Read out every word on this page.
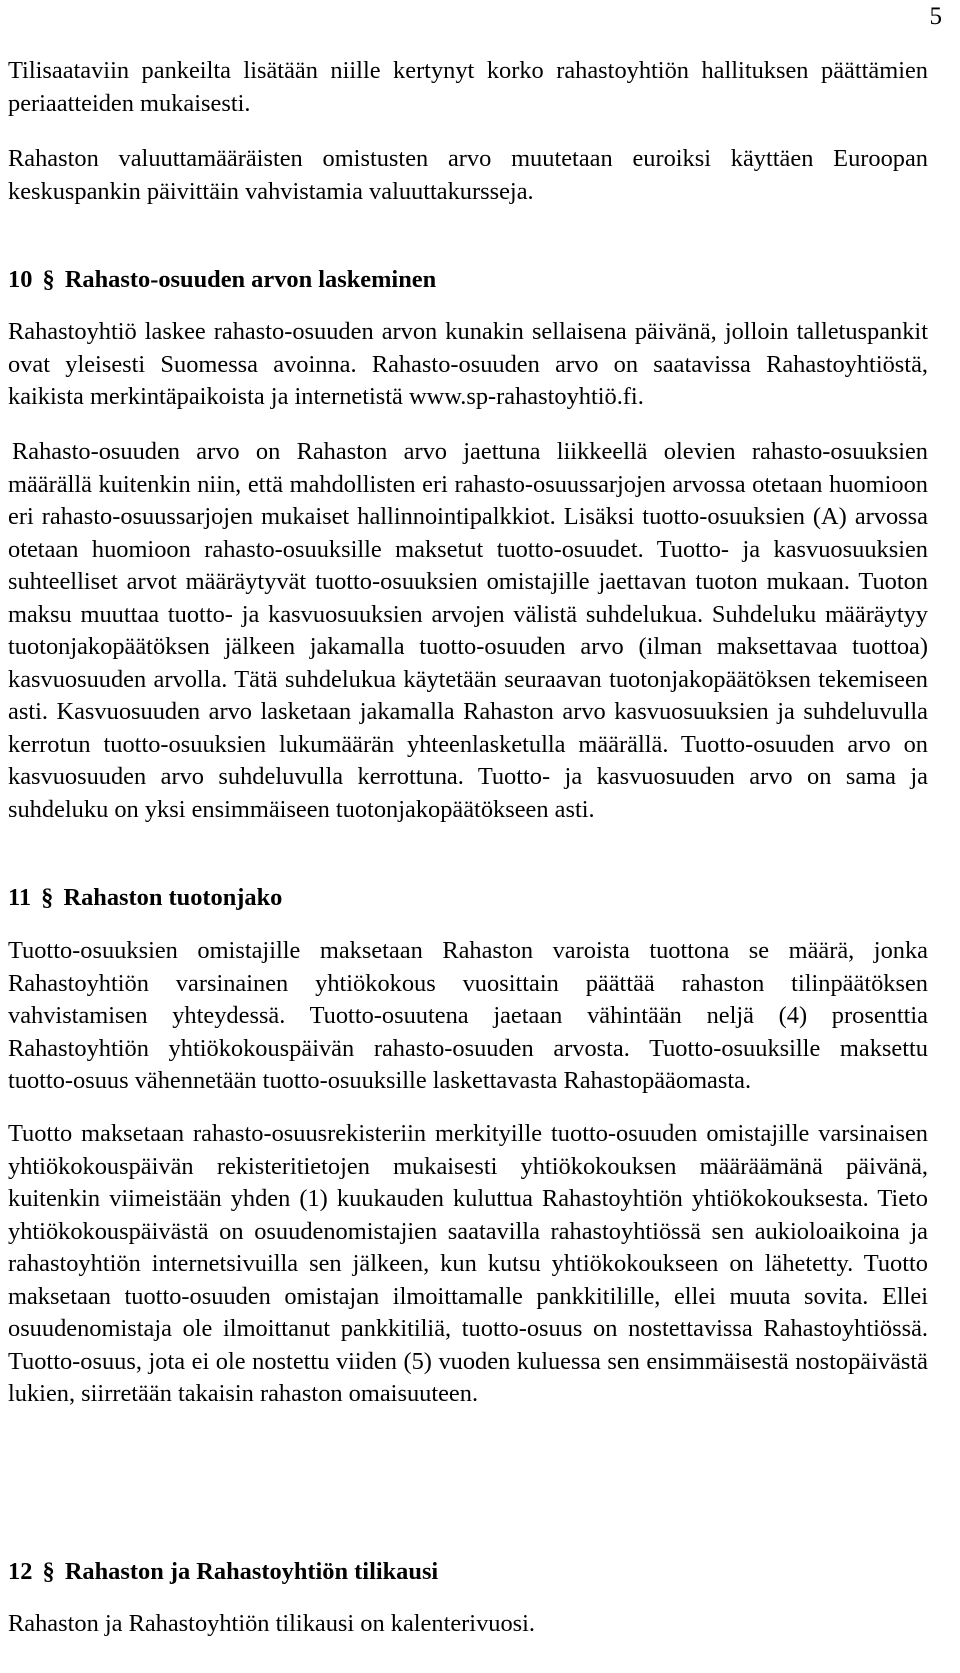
5

Tilisaataviin pankeilta lisätään niille kertynyt korko rahastoyhtiön hallituksen päättämien periaatteiden mukaisesti.

Rahaston valuuttamääräisten omistusten arvo muutetaan euroiksi käyttäen Euroopan keskuspankin päivittäin vahvistamia valuuttakursseja.

10 § Rahasto-osuuden arvon laskeminen

Rahastoyhtiö laskee rahasto-osuuden arvon kunakin sellaisena päivänä, jolloin talletuspankit ovat yleisesti Suomessa avoinna. Rahasto-osuuden arvo on saatavissa Rahastoyhtiöstä, kaikista merkintäpaikoista ja internetistä www.sp-rahastoyhtiö.fi.

Rahasto-osuuden arvo on Rahaston arvo jaettuna liikkeellä olevien rahasto-osuuksien määrällä kuitenkin niin, että mahdollisten eri rahasto-osuussarjojen arvossa otetaan huomioon eri rahasto-osuussarjojen mukaiset hallinnointipalkkiot. Lisäksi tuotto-osuuksien (A) arvossa otetaan huomioon rahasto-osuuksille maksetut tuotto-osuudet. Tuotto- ja kasvuosuuksien suhteelliset arvot määräytyvät tuotto-osuuksien omistajille jaettavan tuoton mukaan. Tuoton maksu muuttaa tuotto- ja kasvuosuuksien arvojen välistä suhdelukua. Suhdeluku määräytyy tuotonjakopäätöksen jälkeen jakamalla tuotto-osuuden arvo (ilman maksettavaa tuottoa) kasvuosuuden arvolla. Tätä suhdelukua käytetään seuraavan tuotonjakopäätöksen tekemiseen asti. Kasvuosuuden arvo lasketaan jakamalla Rahaston arvo kasvuosuuksien ja suhdeluvulla kerrotun tuotto-osuuksien lukumäärän yhteenlasketulla määrällä. Tuotto-osuuden arvo on kasvuosuuden arvo suhdeluvulla kerrottuna. Tuotto- ja kasvuosuuden arvo on sama ja suhdeluku on yksi ensimmäiseen tuotonjakopäätökseen asti.

11 § Rahaston tuotonjako

Tuotto-osuuksien omistajille maksetaan Rahaston varoista tuottona se määrä, jonka Rahastoyhtiön varsinainen yhtiökokous vuosittain päättää rahaston tilinpäätöksen vahvistamisen yhteydessä. Tuotto-osuutena jaetaan vähintään neljä (4) prosenttia Rahastoyhtiön yhtiökokouspäivän rahasto-osuuden arvosta. Tuotto-osuuksille maksettu tuotto-osuus vähennetään tuotto-osuuksille laskettavasta Rahastopääomasta.

Tuotto maksetaan rahasto-osuusrekisteriin merkityille tuotto-osuuden omistajille varsinaisen yhtiökokouspäivän rekisteritietojen mukaisesti yhtiökokouksen määräämänä päivänä, kuitenkin viimeistään yhden (1) kuukauden kuluttua Rahastoyhtiön yhtiökokouksesta. Tieto yhtiökokouspäivästä on osuudenomistajien saatavilla rahastoyhtiössä sen aukioloaikoina ja rahastoyhtiön internetsivuilla sen jälkeen, kun kutsu yhtiökokoukseen on lähetetty. Tuotto maksetaan tuotto-osuuden omistajan ilmoittamalle pankkitilille, ellei muuta sovita. Ellei osuudenomistaja ole ilmoittanut pankkitiliä, tuotto-osuus on nostettavissa Rahastoyhtiössä. Tuotto-osuus, jota ei ole nostettu viiden (5) vuoden kuluessa sen ensimmäisestä nostopäivästä lukien, siirretään takaisin rahaston omaisuuteen.

12 § Rahaston ja Rahastoyhtiön tilikausi

Rahaston ja Rahastoyhtiön tilikausi on kalenterivuosi.
